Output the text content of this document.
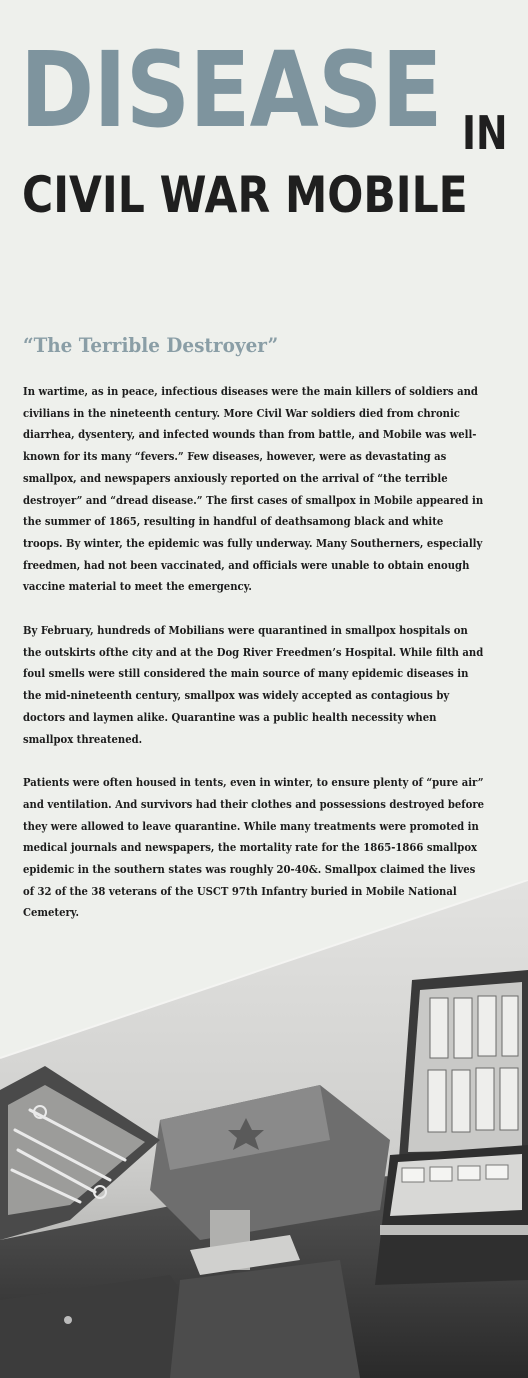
DISEASE IN
CIVIL WAR MOBILE
“The Terrible Destroyer”

In wartime, as in peace, infectious diseases were the main killers of soldiers and civilians in the nineteenth century. More Civil War soldiers died from chronic diarrhea, dysentery, and infected wounds than from battle, and Mobile was well-known for its many “fevers.” Few diseases, however, were as devastating as smallpox, and newspapers anxiously reported on the arrival of “the terrible destroyer” and “dread disease.” The first cases of smallpox in Mobile appeared in the summer of 1865, resulting in handful of deathsamong black and white troops. By winter, the epidemic was fully underway. Many Southerners, especially freedmen, had not been vaccinated, and officials were unable to obtain enough vaccine material to meet the emergency.

By February, hundreds of Mobilians were quarantined in smallpox hospitals on the outskirts ofthe city and at the Dog River Freedmen’s Hospital. While filth and foul smells were still considered the main source of many epidemic diseases in the mid-nineteenth century, smallpox was widely accepted as contagious by doctors and laymen alike. Quarantine was a public health necessity when smallpox threatened.

Patients were often housed in tents, even in winter, to ensure plenty of “pure air” and ventilation. And survivors had their clothes and possessions destroyed before they were allowed to leave quarantine. While many treatments were promoted in medical journals and newspapers, the mortality rate for the 1865-1866 smallpox epidemic in the southern states was roughly 20-40&. Smallpox claimed the lives of 32 of the 38 veterans of the USCT 97th Infantry buried in Mobile National Cemetery.
